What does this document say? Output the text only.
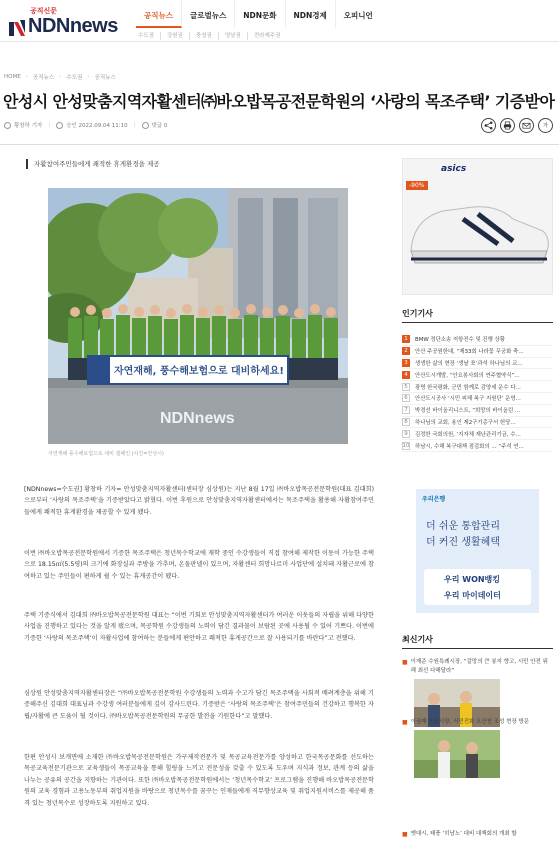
공직신문
NDNnews	공직뉴스	글로벌뉴스	NDN문화	NDN경제	오피니언
수도권	강원권	충청권	영남권	전라제주권
HOME › 공직뉴스 › 수도권 › 공직뉴스
안성시 안성맞춤지역자활센터㈜바오밥목공전문학원의 ‘사랑의 목조주택’ 기증받아
황창하 기자 |	승인 2022.09.04 11:10 |	댓글 0	가
자활참여주민들에게 쾌적한 휴게환경을 제공
자연재해, 풍수해보험으로 대비하세요!
NDNnews
자연재해 풍수해보험으로 대비 캠페인 (사진=안성시)

[NDNnews=수도권] 황창하 기자= 안성맞춤지역자활센터(센터장 심상원)는 지난 8월 17일 ㈜바오밥목공전문학원(대표 김대희)으로부터 ‘사랑의 목조주택’을 기증받았다고 밝혔다. 이번 후원으로 안성맞춤지역자활센터에서는 목조주택을 활용해 자활참여주민들에게 쾌적한 휴게환경을 제공할 수 있게 됐다.

이번 ㈜바오밥목공전문학원에서 기증한 목조주택은 청년목수학교에 재학 중인 수강생들이 직접 참여해 제작한 이동이 가능한 주택으로 18.15㎡(5.5평)의 크기에 화장실과 주방을 가추며, 온돌판넬이 있으며, 자활센터 희망나르미 사업단에 설치돼 자활근로에 참여하고 있는 주민들이 편하게 쉴 수 있는 휴게공간이 됐다.

주택 기증식에서 김대희 ㈜바오밥목공전문학원 대표는 “이번 기회로 안성맞춤지역자활센터가 여러운 이웃들의 자립을 위해 다양한 사업을 진행하고 있다는 것을 알게 됐으며, 목공학원 수강생들의 노력이 담긴 결과물이 보람된 곳에 사용될 수 있어 기쁘다. 이번에 기증한 ‘사랑의 목조주택’이 자활사업에 참여하는 분들에게 편안하고 쾌적한 휴게공간으로 잘 사용되기를 바란다”고 전했다.

심상원 안성맞춤지역자활센터장은 “㈜바오밥목공전문학원 수강생들의 노력과 수고가 담긴 목조주택을 사회적 배려계층을 위해 기증해주신 김대희 대표님과 수강생 여러분들에게 깊이 감사드린다. 기증받은 ‘사랑의 목조주택’은 참여주민들의 건강하고 행복한 자립/자활에 큰 도움이 될 것이다. ㈜바오밥목공전문학원의 무궁한 발전을 기원한다”고 말했다.

한편 안성시 보개면에 소재한 ㈜바오밥목공전문학원은 가구제작전문가 및 목공교육전문가를 양성하고 한국목공문화를 선도하는 목공교육전문기관으로 교육생들이 목공교육을 통해 힐링을 느끼고 전문성을 갖출 수 있도록 도우며 지식과 정보, 관계 등의 삶을 나누는 공유의 공간을 지향하는 기관이다. 또한 ㈜바오밥목공전문학원에서는 ‘청년목수학교’ 프로그램을 진행해 바오밥목공전문학원의 교육 경험과 고용노동부의 취업지원을 바탕으로 청년목수를 꿈꾸는 인재들에게 직무향상교육 및 취업지원서비스를 제공해 품격 있는 청년목수로 성장하도록 지원하고 있다.

asics
-90%
인기기사
1	BMW 정단소송 저항전수 및 진행 상황
2	안산 주공원한대, “제33회 나라꽃 무궁화 축…
3	생생한 삶의 현장 ‘생날 쪼’과석 하나님의 교…
4	안산도시개발, “안요봉사회의 연주협약식”…
5	광명 한국평화, 군민 함께로 감양세 운수 다…
6	안산도시공사 ‘시민 피해 복구 지원단’ 운영…
7	박경선 바이올리니스트, “희망의 바이올린 …
8	하나님의 교회, 용인 제2구기총구서 헌당…
9	김정한 국회의원, ‘지자체 재난관리기금, 수…
10 하남시, 수해 복구대책 점검회의 … “주석 연…
우리은행
더 쉬운 통합관리
더 커진 생활혜택
우리 WON뱅킹
우리 마이데이터
최신기사
■ 이재준 수원특례시장, “갈망의 큰 봉지 향고, 시민 안전 위해 최선 다해달라”
■ 이권재 오산시장, 서민진화 오산천 조성 현장 방문
■ 옛대시, 태풍 ‘히남노’ 대비 대책회의 개최 할
